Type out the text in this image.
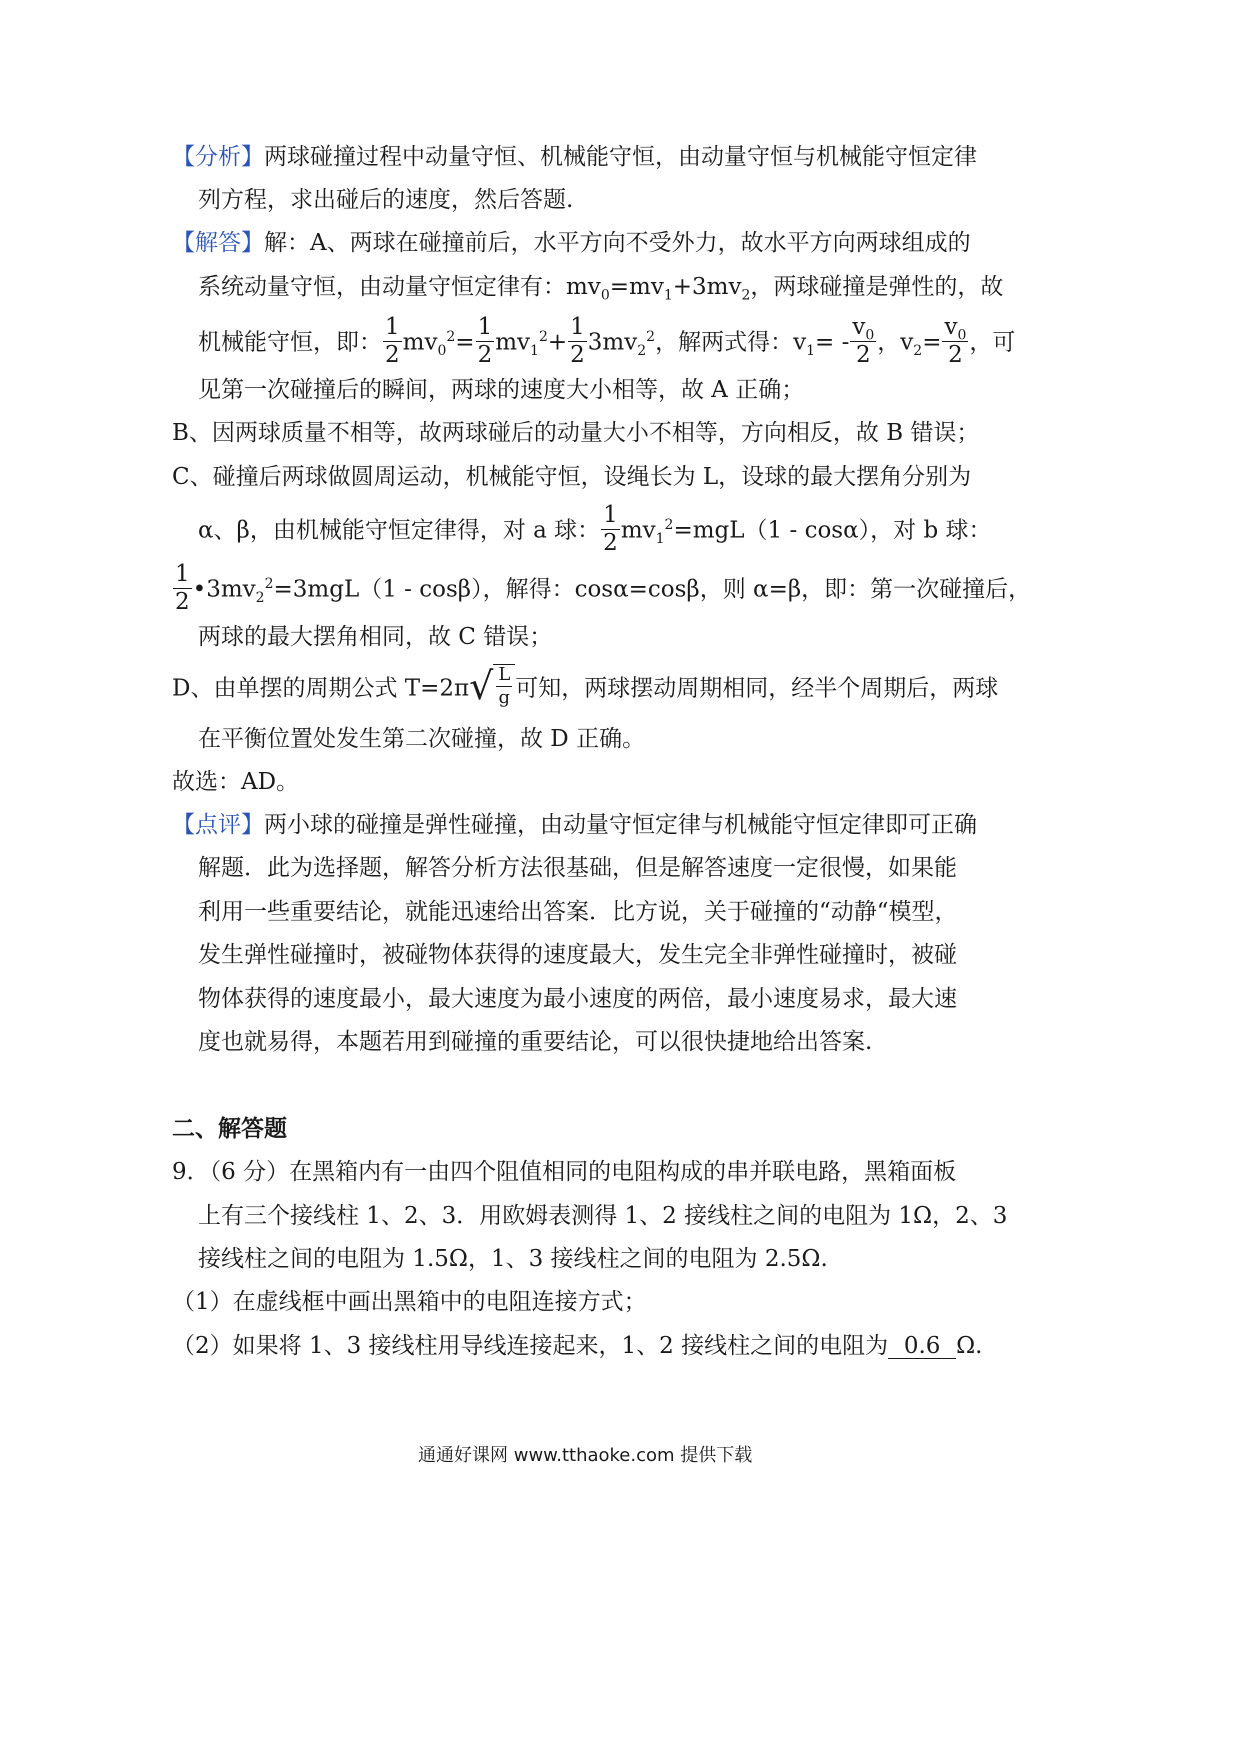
【分析】两球碰撞过程中动量守恒、机械能守恒，由动量守恒与机械能守恒定律
列方程，求出碰后的速度，然后答题.
【解答】解：A、两球在碰撞前后，水平方向不受外力，故水平方向两球组成的
系统动量守恒，由动量守恒定律有：$mv_0=mv_1+3mv_2$，两球碰撞是弹性的，故
机械能守恒，即： $\frac{1}{2} mv_0^2= \frac{1}{2} mv_1^2+ \frac{1}{2} 3mv_2^2$，解两式得：$v_1= - \frac{v_0}{2}$ ，$v_2= \frac{v_0}{2}$ ，可
见第一次碰撞后的瞬间，两球的速度大小相等，故 A 正确；
B、因两球质量不相等，故两球碰后的动量大小不相等，方向相反，故 B 错误；
C、碰撞后两球做圆周运动，机械能守恒，设绳长为 L，设球的最大摆角分别为
α、β，由机械能守恒定律得，对 a 球： $\frac{1}{2} mv_1^2=mgL(1 - \cos\alpha)$，对 b 球：
$\frac{1}{2}$ $•3mv_2^2=3mgL(1 - \cos\beta)$，解得：cosα=cosβ，则 α=β，即：第一次碰撞后，
两球的最大摆角相同，故 C 错误；
D、由单摆的周期公式 T=2π √ $\frac{L}{g}$ 可知，两球摆动周期相同，经半个周期后，两球
在平衡位置处发生第二次碰撞，故 D 正确。
故选：AD。
【点评】两小球的碰撞是弹性碰撞，由动量守恒定律与机械能守恒定律即可正确
解题．此为选择题，解答分析方法很基础，但是解答速度一定很慢，如果能
利用一些重要结论，就能迅速给出答案．比方说，关于碰撞的“动静“模型，
发生弹性碰撞时，被碰物体获得的速度最大，发生完全非弹性碰撞时，被碰
物体获得的速度最小，最大速度为最小速度的两倍，最小速度易求，最大速
度也就易得，本题若用到碰撞的重要结论，可以很快捷地给出答案.
二、解答题
9．（6 分）在黑箱内有一由四个阻值相同的电阻构成的串并联电路，黑箱面板
上有三个接线柱 1、2、3．用欧姆表测得 1、2 接线柱之间的电阻为 1Ω，2、3
接线柱之间的电阻为 1.5Ω，1、3 接线柱之间的电阻为 2.5Ω.
（1）在虚线框中画出黑箱中的电阻连接方式；
（2）如果将 1、3 接线柱用导线连接起来，1、2 接线柱之间的电阻为 0.6 Ω.
通通好课网 www.tthaoke.com 提供下载
